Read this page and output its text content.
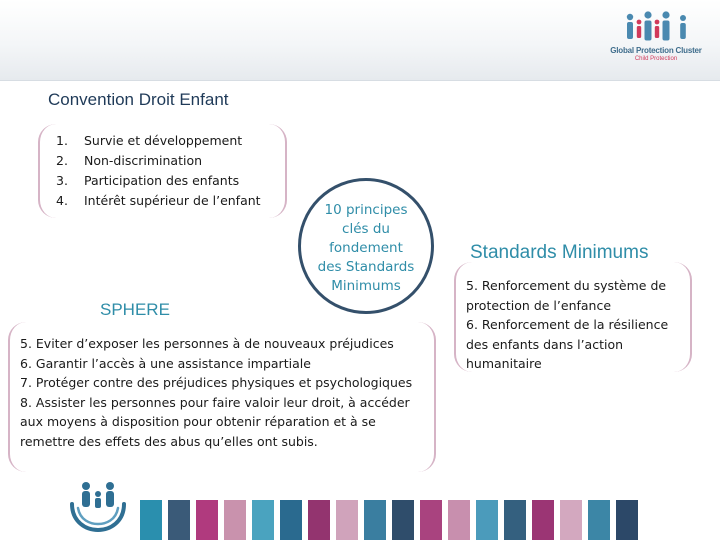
Global Protection Cluster
Child Protection
Convention Droit Enfant
1. Survie et développement
2. Non-discrimination
3. Participation des enfants
4. Intérêt supérieur de l’enfant
10 principes
clés du
fondement
des Standards
Minimums
SPHERE

5. Eviter d’exposer les personnes à de nouveaux préjudices
6. Garantir l’accès à une assistance impartiale
7. Protéger contre des préjudices physiques et psychologiques
8. Assister les personnes pour faire valoir leur droit, à accéder aux moyens à disposition pour obtenir réparation et à se remettre des effets des abus qu’elles ont subis.

Standards Minimums

5. Renforcement du système de protection de l’enfance
6. Renforcement de la résilience des enfants dans l’action humanitaire
